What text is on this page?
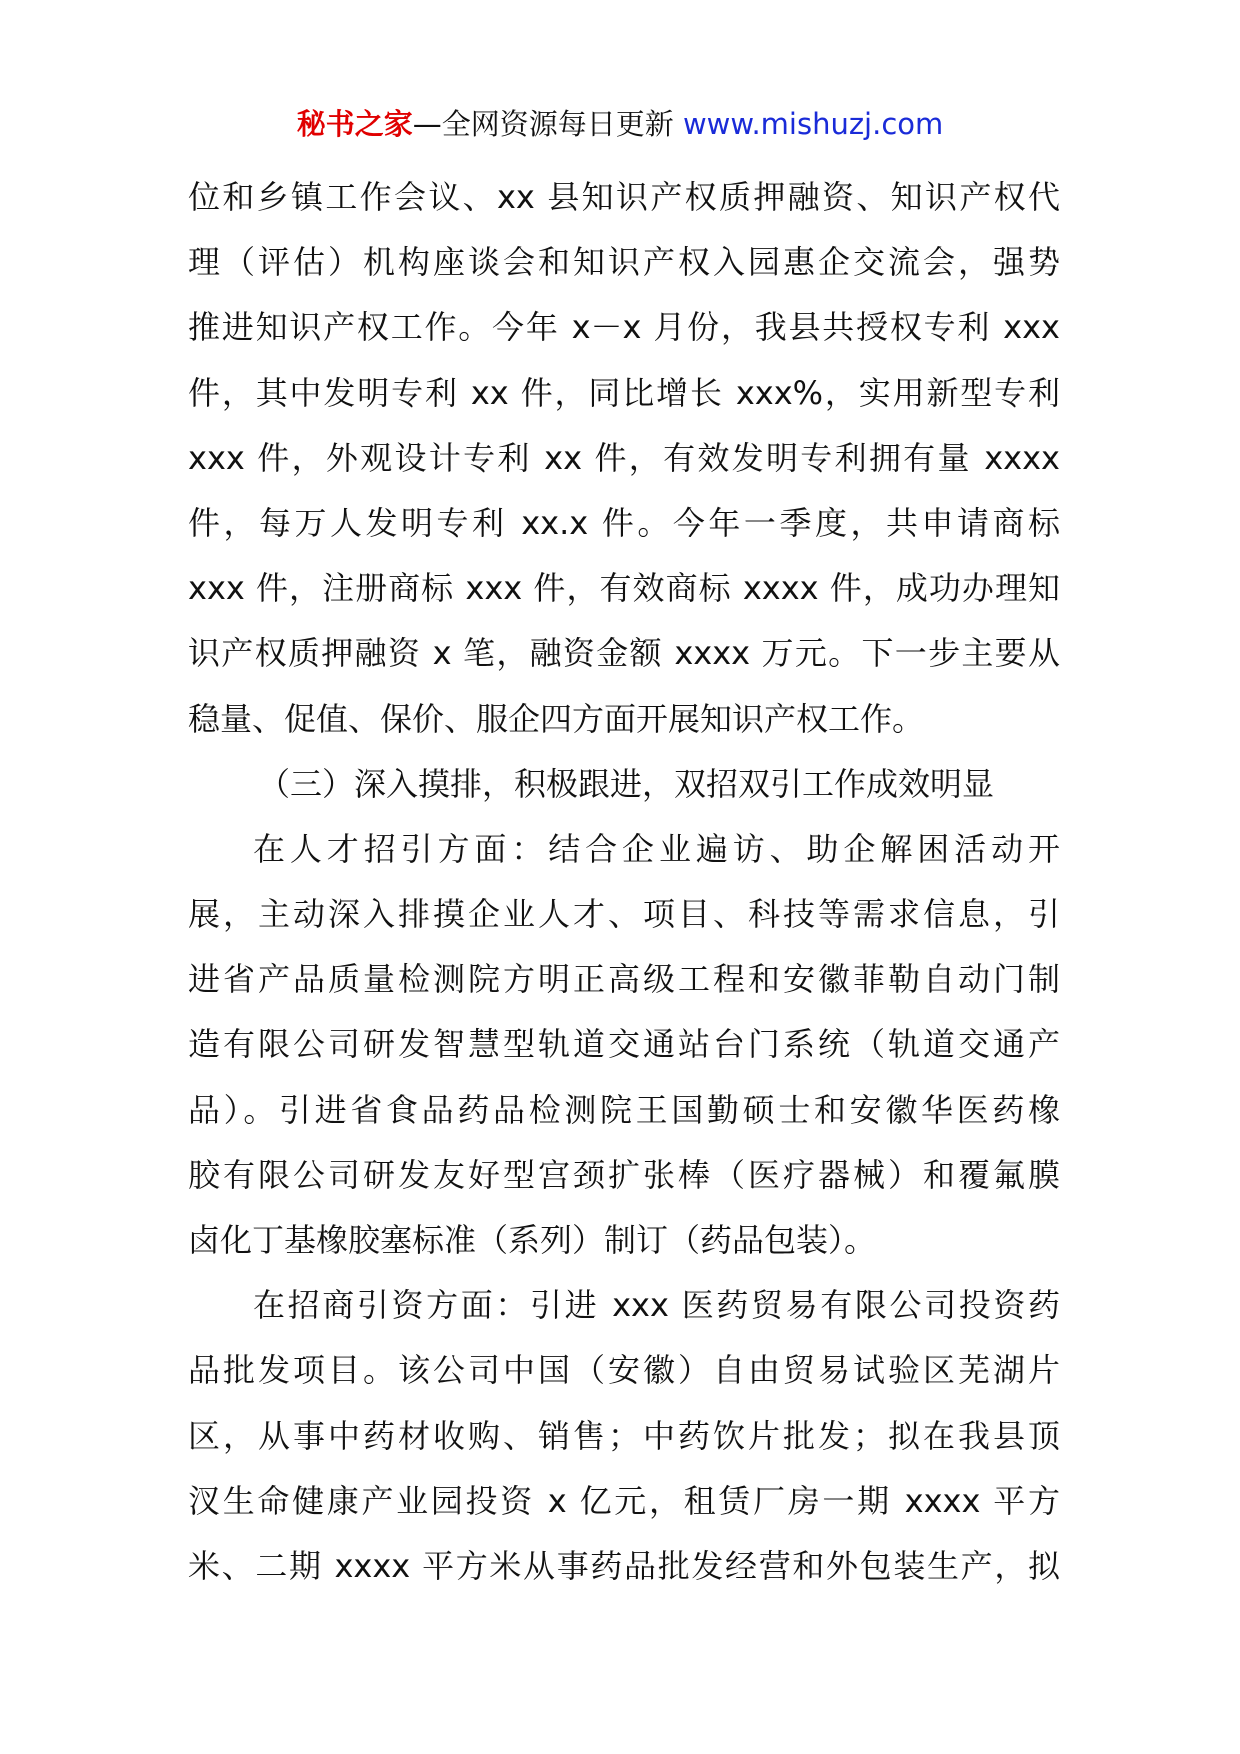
秘书之家—全网资源每日更新 www.mishuzj.com
位和乡镇工作会议、xx 县知识产权质押融资、知识产权代
理（评估）机构座谈会和知识产权入园惠企交流会，强势
推进知识产权工作。今年 x－x 月份，我县共授权专利 xxx
件，其中发明专利 xx 件，同比增长 xxx%，实用新型专利
xxx 件，外观设计专利 xx 件，有效发明专利拥有量 xxxx
件，每万人发明专利 xx.x 件。今年一季度，共申请商标
xxx 件，注册商标 xxx 件，有效商标 xxxx 件，成功办理知
识产权质押融资 x 笔，融资金额 xxxx 万元。下一步主要从
稳量、促值、保价、服企四方面开展知识产权工作。
（三）深入摸排，积极跟进，双招双引工作成效明显
在人才招引方面：结合企业遍访、助企解困活动开
展，主动深入排摸企业人才、项目、科技等需求信息，引
进省产品质量检测院方明正高级工程和安徽菲勒自动门制
造有限公司研发智慧型轨道交通站台门系统（轨道交通产
品）。引进省食品药品检测院王国勤硕士和安徽华医药橡
胶有限公司研发友好型宫颈扩张棒（医疗器械）和覆氟膜
卤化丁基橡胶塞标准（系列）制订（药品包装）。
在招商引资方面：引进 xxx 医药贸易有限公司投资药
品批发项目。该公司中国（安徽）自由贸易试验区芜湖片
区，从事中药材收购、销售；中药饮片批发；拟在我县顶
汊生命健康产业园投资 x 亿元，租赁厂房一期 xxxx 平方
米、二期 xxxx 平方米从事药品批发经营和外包装生产，拟
